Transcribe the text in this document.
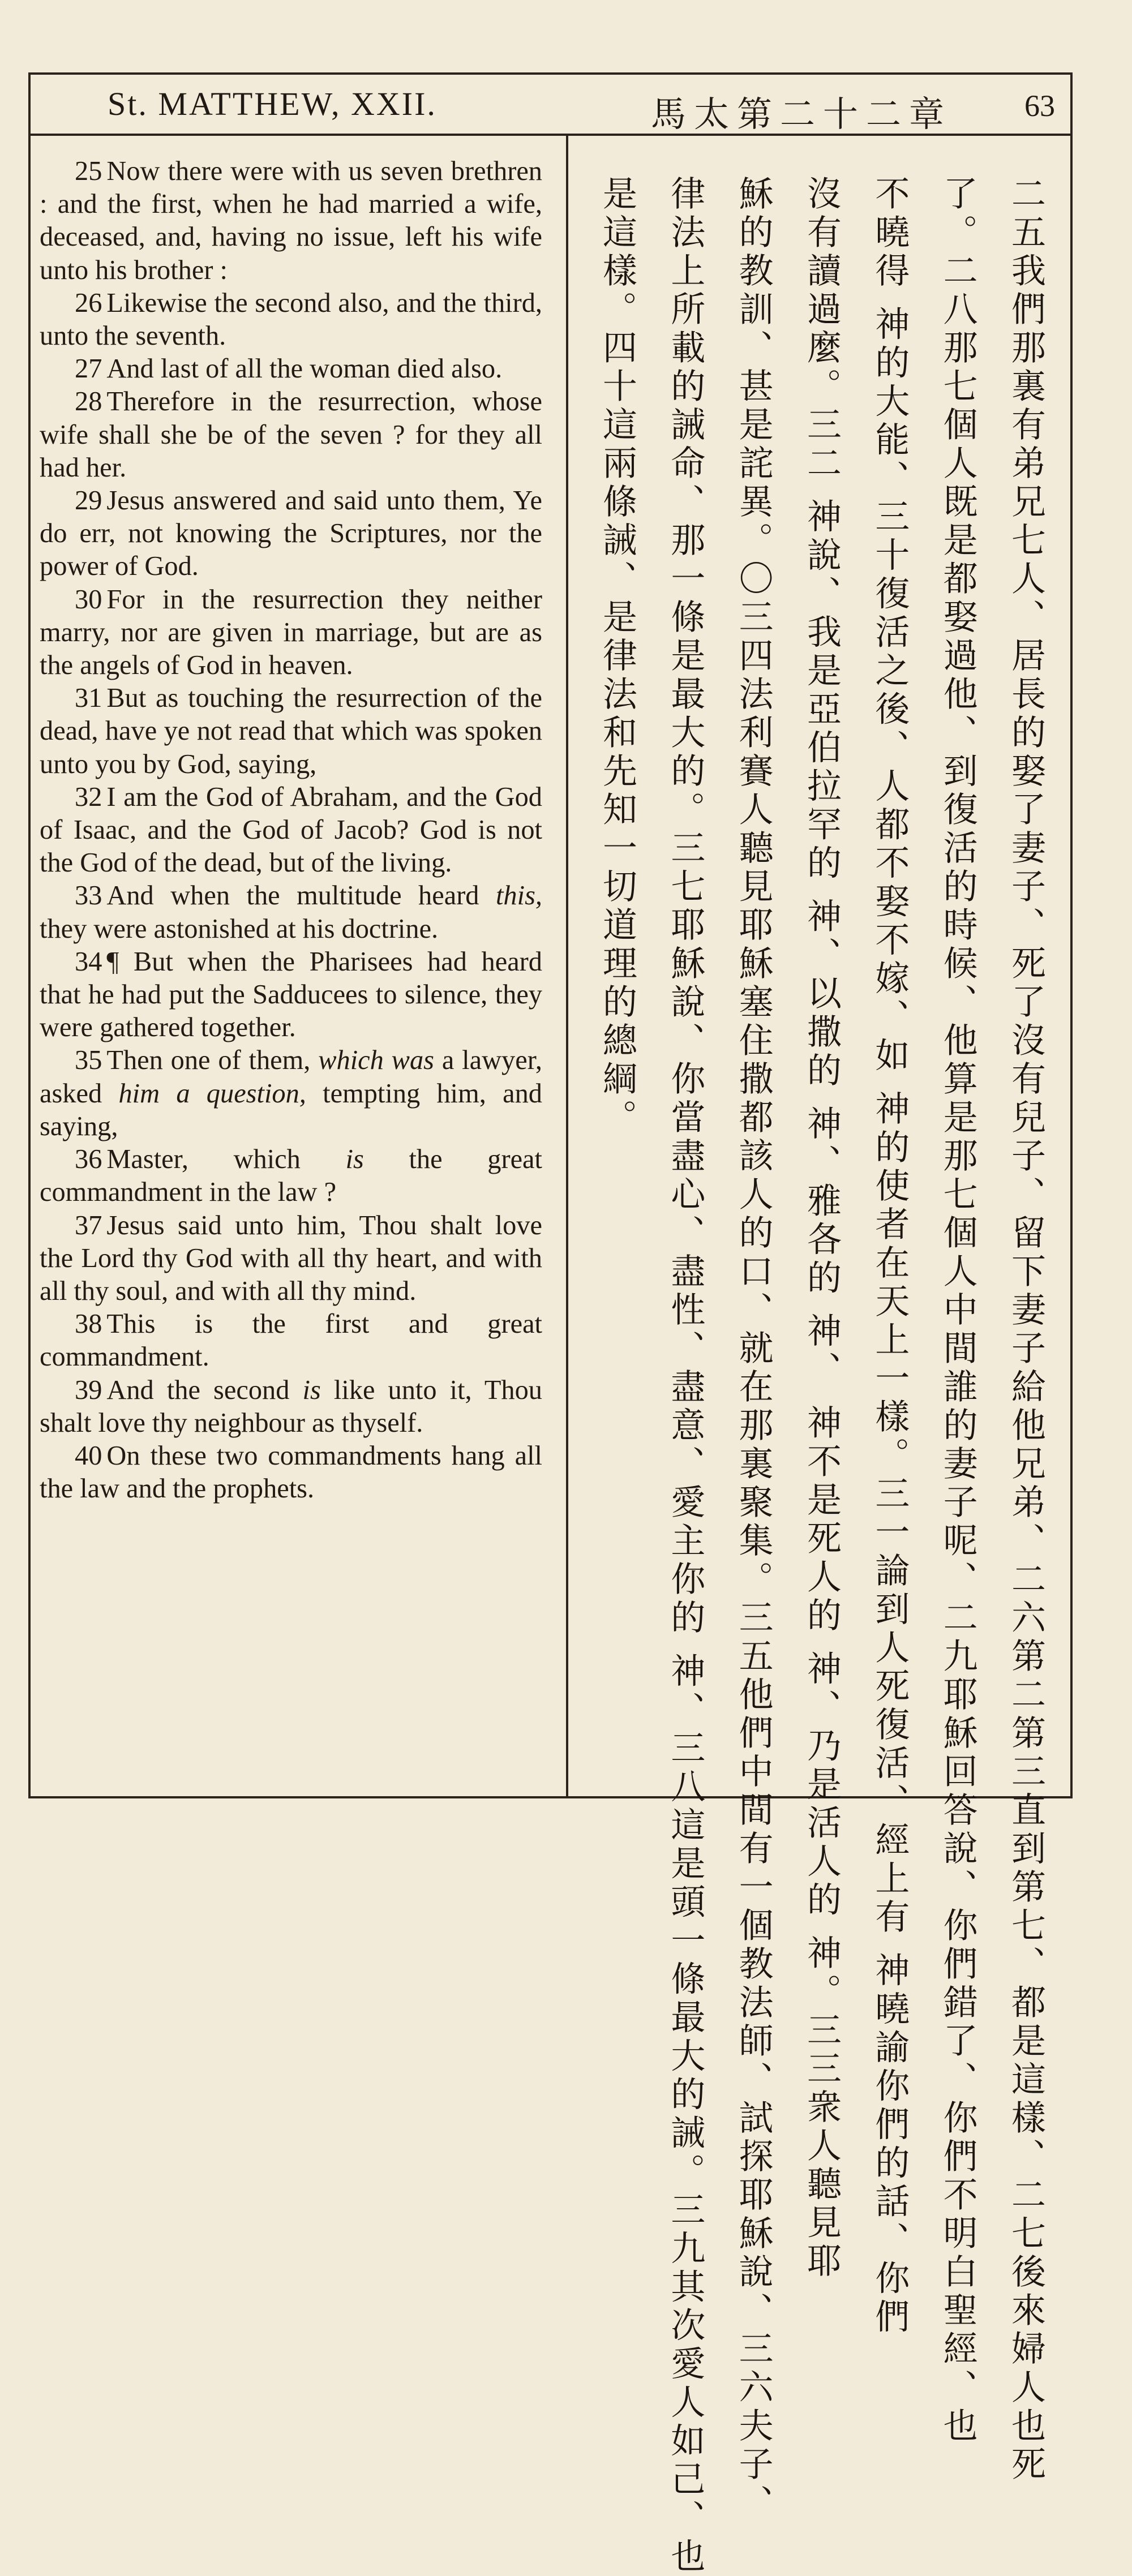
St. MATTHEW, XXII.	馬太第二十二章 63

25 Now there were with us seven brethren : and the first, when he had married a wife, deceased, and, having no issue, left his wife unto his brother :

26 Likewise the second also, and the third, unto the seventh.

27 And last of all the woman died also.

28 Therefore in the resurrection, whose wife shall she be of the seven ? for they all had her.

29 Jesus answered and said unto them, Ye do err, not knowing the Scriptures, nor the power of God.

30 For in the resurrection they neither marry, nor are given in marriage, but are as the angels of God in heaven.

31 But as touching the resurrection of the dead, have ye not read that which was spoken unto you by God, saying,

32 I am the God of Abraham, and the God of Isaac, and the God of Jacob? God is not the God of the dead, but of the living.

33 And when the multitude heard this, they were astonished at his doctrine.

34 ¶ But when the Pharisees had heard that he had put the Sadducees to silence, they were gathered together.

35 Then one of them, which was a lawyer, asked him a question, tempting him, and saying,

36 Master, which is the great commandment in the law ?

37 Jesus said unto him, Thou shalt love the Lord thy God with all thy heart, and with all thy soul, and with all thy mind.

38 This is the first and great commandment.

39 And the second is like unto it, Thou shalt love thy neighbour as thyself.

40 On these two commandments hang all the law and the prophets.	二五我們那裏有弟兄七人、居長的娶了妻子、死了沒有兒子、留下妻子給他兄弟、二六第二第三直到第七、都是這樣、二七後來婦人也死
了。二八那七個人既是都娶過他、到復活的時候、他算是那七個人中間誰的妻子呢、二九耶穌回答說、你們錯了、你們不明白聖經、也
不曉得 神的大能、三十復活之後、人都不娶不嫁、如 神的使者在天上一樣。三一論到人死復活、經上有 神曉諭你們的話、你們
沒有讀過麼。三二 神說、我是亞伯拉罕的 神、以撒的 神、雅各的 神、 神不是死人的 神、乃是活人的 神。三三衆人聽見耶
穌的教訓、甚是詫異。〇三四法利賽人聽見耶穌塞住撒都該人的口、就在那裏聚集。三五他們中間有一個教法師、試探耶穌說、三六夫子、
律法上所載的誡命、那一條是最大的。三七耶穌說、你當盡心、盡性、盡意、愛主你的 神、三八這是頭一條最大的誡。三九其次愛人如己、也
是這樣。四十這兩條誡、是律法和先知一切道理的總綱。
